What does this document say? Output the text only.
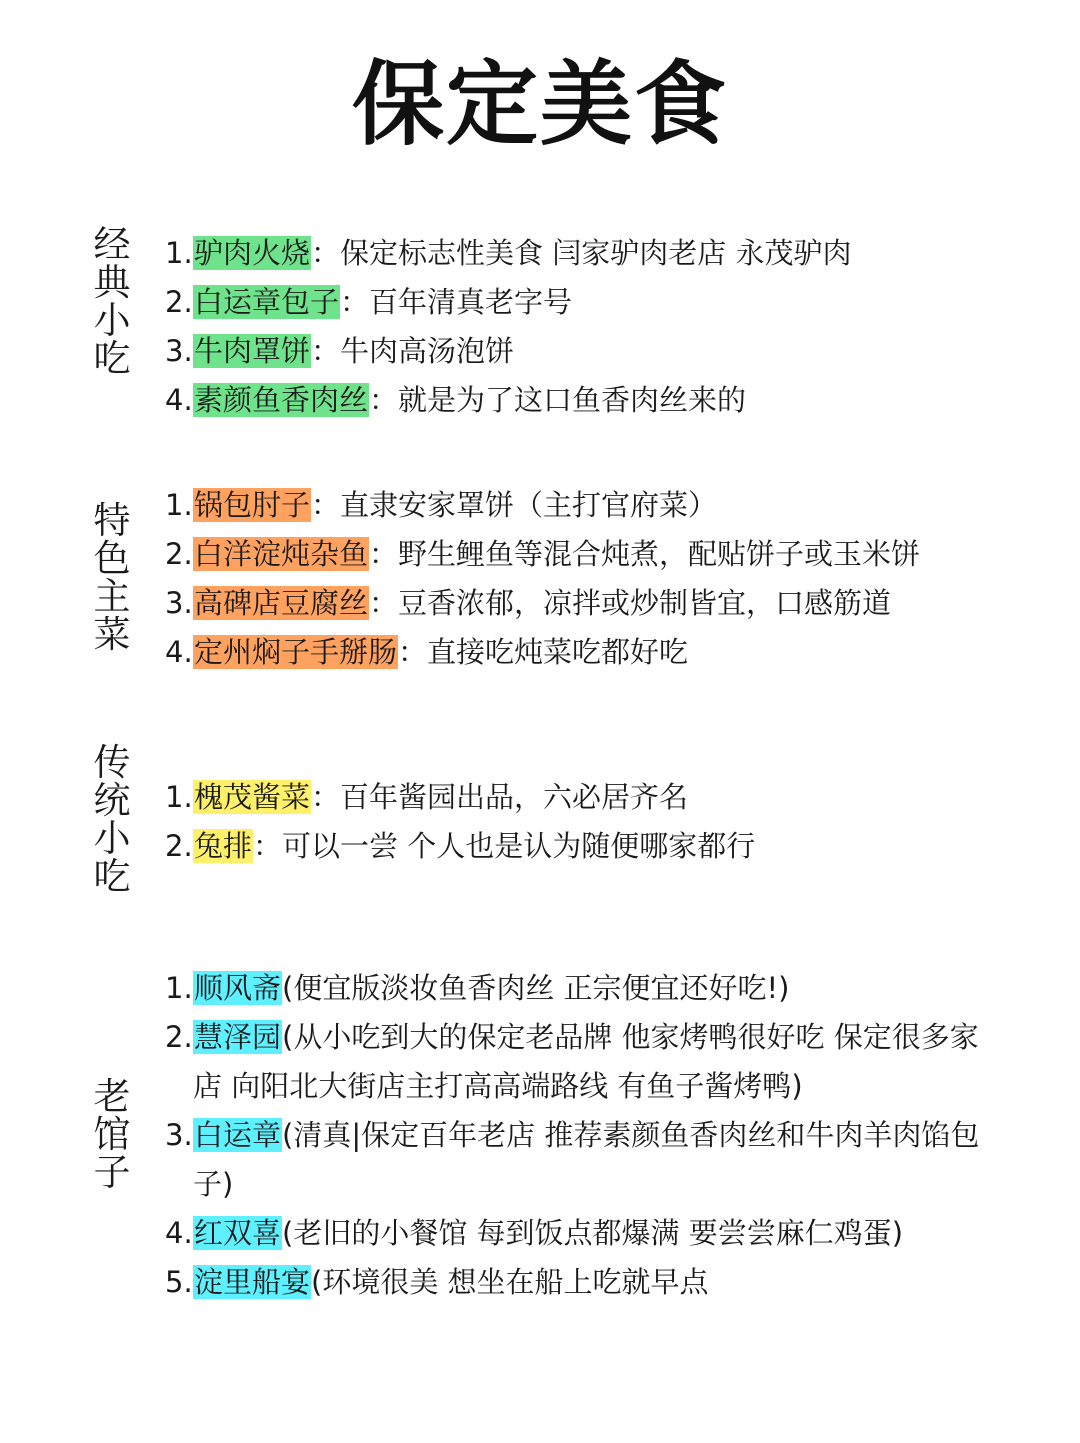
保定美食
经
典
小
吃
1.驴肉火烧：保定标志性美食 闫家驴肉老店 永茂驴肉
2.白运章包子：百年清真老字号
3.牛肉罩饼：牛肉高汤泡饼
4.素颜鱼香肉丝：就是为了这口鱼香肉丝来的
特
色
主
菜
1.锅包肘子：直隶安家罩饼（主打官府菜）
2.白洋淀炖杂鱼：野生鲤鱼等混合炖煮，配贴饼子或玉米饼
3.高碑店豆腐丝：豆香浓郁，凉拌或炒制皆宜，口感筋道
4.定州焖子手掰肠：直接吃炖菜吃都好吃
传
统
小
吃
1.槐茂酱菜：百年酱园出品，六必居齐名
2.兔排：可以一尝 个人也是认为随便哪家都行
老
馆
子
1.顺风斋(便宜版淡妆鱼香肉丝 正宗便宜还好吃!)
2.慧泽园(从小吃到大的保定老品牌 他家烤鸭很好吃 保定很多家店 向阳北大街店主打高高端路线 有鱼子酱烤鸭)
3.白运章(清真|保定百年老店 推荐素颜鱼香肉丝和牛肉羊肉馅包子)
4.红双喜(老旧的小餐馆 每到饭点都爆满 要尝尝麻仁鸡蛋)
5.淀里船宴(环境很美 想坐在船上吃就早点
